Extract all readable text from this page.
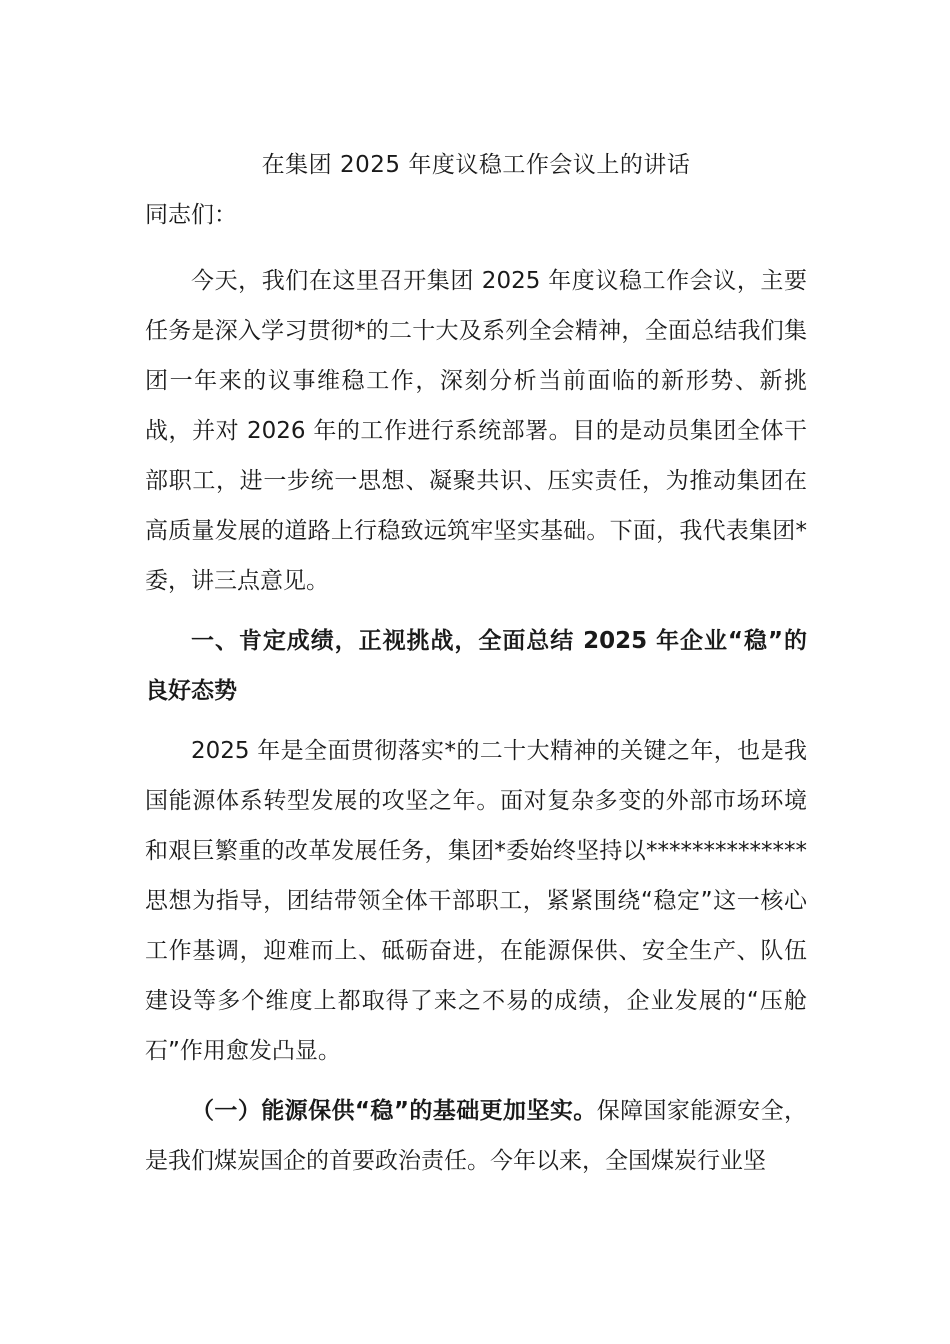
在集团 2025 年度议稳工作会议上的讲话
同志们：

今天，我们在这里召开集团 2025 年度议稳工作会议，主要任务是深入学习贯彻*的二十大及系列全会精神，全面总结我们集团一年来的议事维稳工作，深刻分析当前面临的新形势、新挑战，并对 2026 年的工作进行系统部署。目的是动员集团全体干部职工，进一步统一思想、凝聚共识、压实责任，为推动集团在高质量发展的道路上行稳致远筑牢坚实基础。下面，我代表集团*委，讲三点意见。

一、肯定成绩，正视挑战，全面总结 2025 年企业“稳”的良好态势

2025 年是全面贯彻落实*的二十大精神的关键之年，也是我国能源体系转型发展的攻坚之年。面对复杂多变的外部市场环境和艰巨繁重的改革发展任务，集团*委始终坚持以**************思想为指导，团结带领全体干部职工，紧紧围绕“稳定”这一核心工作基调，迎难而上、砥砺奋进，在能源保供、安全生产、队伍建设等多个维度上都取得了来之不易的成绩，企业发展的“压舱石”作用愈发凸显。

（一）能源保供“稳”的基础更加坚实。保障国家能源安全，是我们煤炭国企的首要政治责任。今年以来，全国煤炭行业坚
